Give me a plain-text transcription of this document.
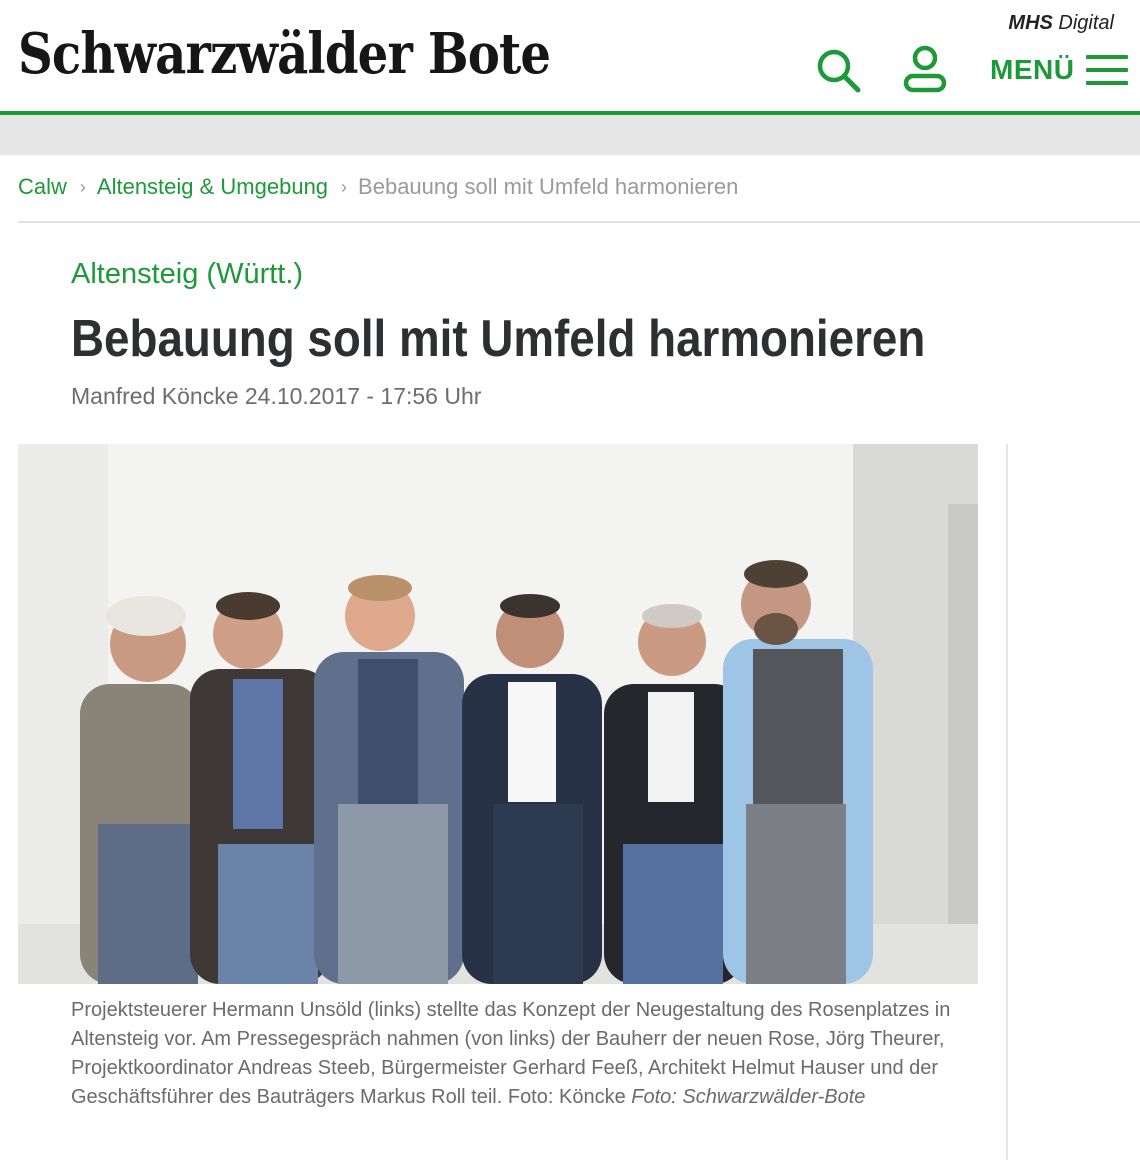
Schwarzwälder Bote	MHS Digital
MENÜ
Calw › Altensteig & Umgebung › Bebauung soll mit Umfeld harmonieren
Altensteig (Württ.)
Bebauung soll mit Umfeld harmonieren
Manfred Köncke 24.10.2017 - 17:56 Uhr

Projektsteuerer Hermann Unsöld (links) stellte das Konzept der Neugestaltung des Rosenplatzes in Altensteig vor. Am Pressegespräch nahmen (von links) der Bauherr der neuen Rose, Jörg Theurer, Projektkoordinator Andreas Steeb, Bürgermeister Gerhard Feeß, Architekt Helmut Hauser und der Geschäftsführer des Bauträgers Markus Roll teil. Foto: Köncke Foto: Schwarzwälder-Bote
